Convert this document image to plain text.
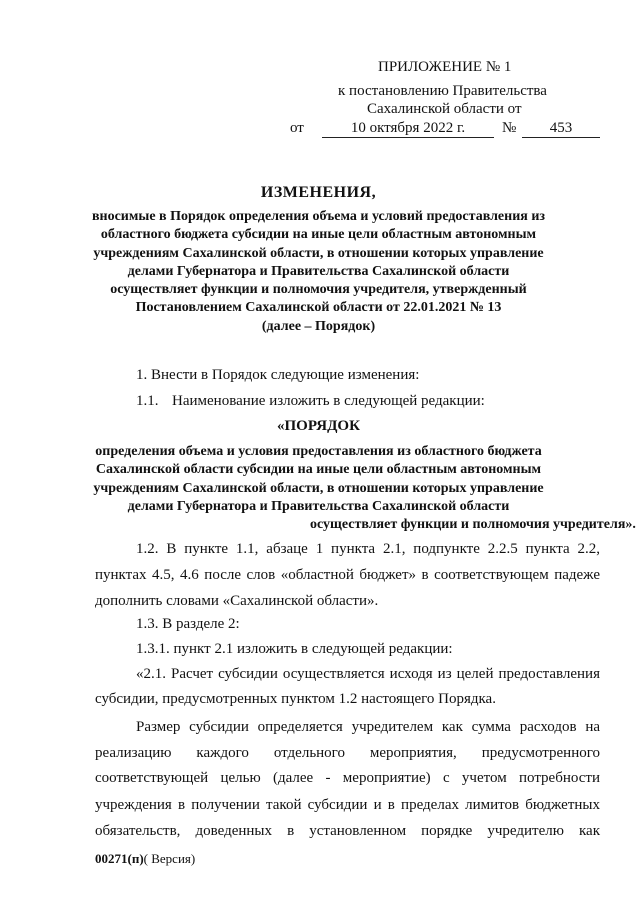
ПРИЛОЖЕНИЕ № 1
к постановлению Правительства
Сахалинской области от
от	10 октября 2022 г.	№	453
ИЗМЕНЕНИЯ,
вносимые в Порядок определения объема и условий предоставления из
областного бюджета субсидии на иные цели областным автономным
учреждениям Сахалинской области, в отношении которых управление
делами Губернатора и Правительства Сахалинской области
осуществляет функции и полномочия учредителя, утвержденный
Постановлением Сахалинской области от 22.01.2021 № 13
(далее – Порядок)
1. Внести в Порядок следующие изменения:
1.1. Наименование изложить в следующей редакции:
«ПОРЯДОК
определения объема и условия предоставления из областного бюджета
Сахалинской области субсидии на иные цели областным автономным
учреждениям Сахалинской области, в отношении которых управление
делами Губернатора и Правительства Сахалинской области
осуществляет функции и полномочия учредителя».
1.2. В пункте 1.1, абзаце 1 пункта 2.1, подпункте 2.2.5 пункта 2.2,
пунктах 4.5, 4.6 после слов «областной бюджет» в соответствующем падеже
дополнить словами «Сахалинской области».
1.3. В разделе 2:
1.3.1. пункт 2.1 изложить в следующей редакции:
«2.1. Расчет субсидии осуществляется исходя из целей предоставления
субсидии, предусмотренных пунктом 1.2 настоящего Порядка.
Размер субсидии определяется учредителем как сумма расходов на
реализацию каждого отдельного мероприятия, предусмотренного
соответствующей целью (далее - мероприятие) с учетом потребности
учреждения в получении такой субсидии и в пределах лимитов бюджетных
обязательств, доведенных в установленном порядке учредителю как
00271(п)( Версия)
